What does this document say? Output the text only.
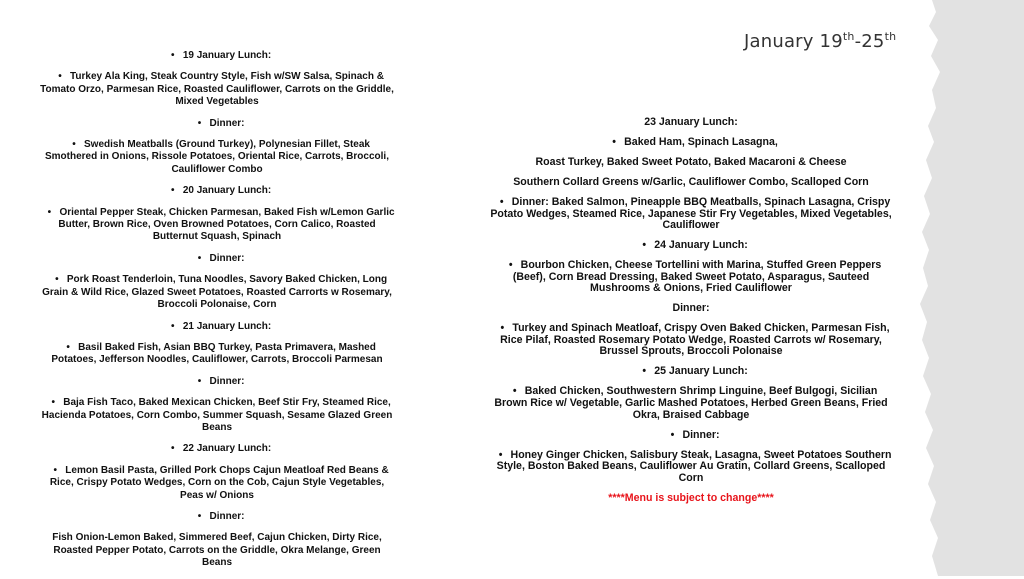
January 19th-25th

• 19 January Lunch:

• Turkey Ala King, Steak Country Style, Fish w/SW Salsa, Spinach & Tomato Orzo, Parmesan Rice, Roasted Cauliflower, Carrots on the Griddle, Mixed Vegetables

• Dinner:

• Swedish Meatballs (Ground Turkey), Polynesian Fillet, Steak Smothered in Onions, Rissole Potatoes, Oriental Rice, Carrots, Broccoli, Cauliflower Combo

• 20 January Lunch:

• Oriental Pepper Steak, Chicken Parmesan, Baked Fish w/Lemon Garlic Butter, Brown Rice, Oven Browned Potatoes, Corn Calico, Roasted Butternut Squash, Spinach

• Dinner:

• Pork Roast Tenderloin, Tuna Noodles, Savory Baked Chicken, Long Grain & Wild Rice, Glazed Sweet Potatoes, Roasted Carrorts w Rosemary, Broccoli Polonaise, Corn

• 21 January Lunch:

• Basil Baked Fish, Asian BBQ Turkey, Pasta Primavera, Mashed Potatoes, Jefferson Noodles, Cauliflower, Carrots, Broccoli Parmesan

• Dinner:

• Baja Fish Taco, Baked Mexican Chicken, Beef Stir Fry, Steamed Rice, Hacienda Potatoes, Corn Combo, Summer Squash, Sesame Glazed Green Beans

• 22 January Lunch:

• Lemon Basil Pasta, Grilled Pork Chops Cajun Meatloaf Red Beans & Rice, Crispy Potato Wedges, Corn on the Cob, Cajun Style Vegetables, Peas w/ Onions

• Dinner:

Fish Onion-Lemon Baked, Simmered Beef, Cajun Chicken, Dirty Rice, Roasted Pepper Potato, Carrots on the Griddle, Okra Melange, Green Beans

23 January Lunch:

• Baked Ham, Spinach Lasagna,

Roast Turkey, Baked Sweet Potato, Baked Macaroni & Cheese

Southern Collard Greens w/Garlic, Cauliflower Combo, Scalloped Corn

• Dinner: Baked Salmon, Pineapple BBQ Meatballs, Spinach Lasagna, Crispy Potato Wedges, Steamed Rice, Japanese Stir Fry Vegetables, Mixed Vegetables, Cauliflower

• 24 January Lunch:

• Bourbon Chicken, Cheese Tortellini with Marina, Stuffed Green Peppers (Beef), Corn Bread Dressing, Baked Sweet Potato, Asparagus, Sauteed Mushrooms & Onions, Fried Cauliflower

Dinner:

• Turkey and Spinach Meatloaf, Crispy Oven Baked Chicken, Parmesan Fish, Rice Pilaf, Roasted Rosemary Potato Wedge, Roasted Carrots w/ Rosemary, Brussel Sprouts, Broccoli Polonaise

• 25 January Lunch:

• Baked Chicken, Southwestern Shrimp Linguine, Beef Bulgogi, Sicilian Brown Rice w/ Vegetable, Garlic Mashed Potatoes, Herbed Green Beans, Fried Okra, Braised Cabbage

• Dinner:

• Honey Ginger Chicken, Salisbury Steak, Lasagna, Sweet Potatoes Southern Style, Boston Baked Beans, Cauliflower Au Gratin, Collard Greens, Scalloped Corn

****Menu is subject to change****
